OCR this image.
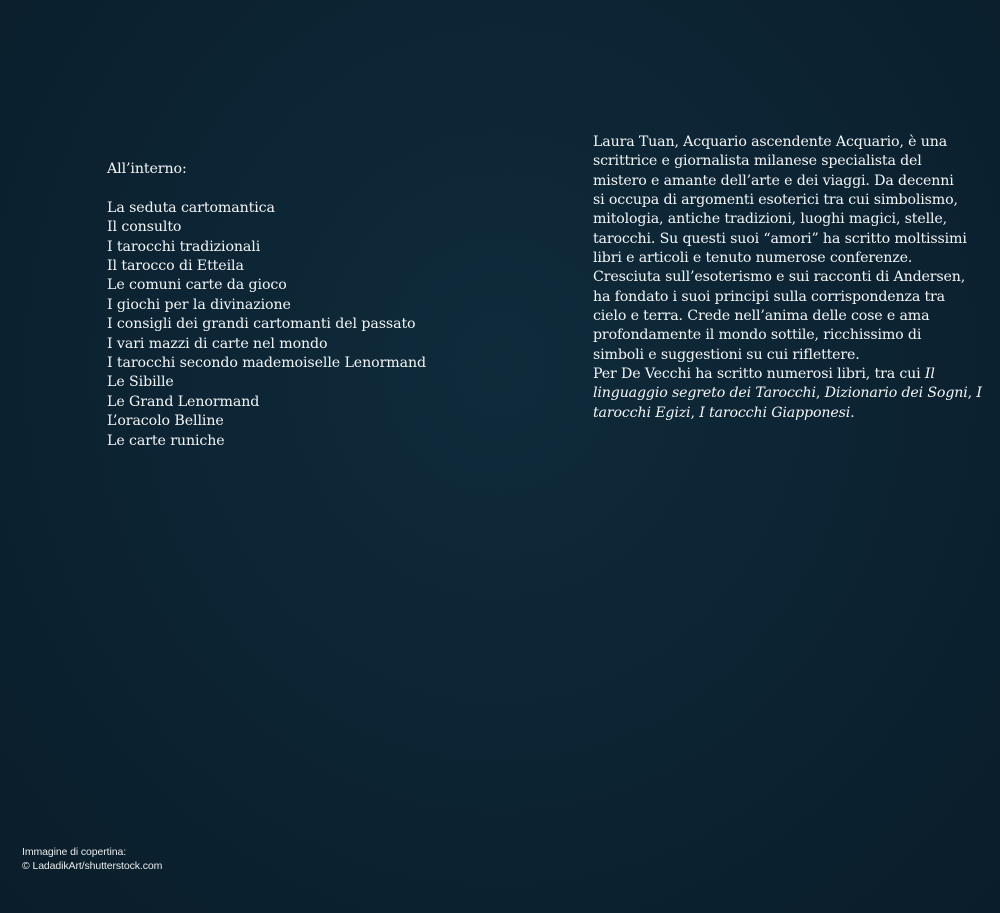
All’interno:

La seduta cartomantica
Il consulto
I tarocchi tradizionali
Il tarocco di Etteila
Le comuni carte da gioco
I giochi per la divinazione
I consigli dei grandi cartomanti del passato
I vari mazzi di carte nel mondo
I tarocchi secondo mademoiselle Lenormand
Le Sibille
Le Grand Lenormand
L’oracolo Belline
Le carte runiche
Laura Tuan, Acquario ascendente Acquario, è una
scrittrice e giornalista milanese specialista del
mistero e amante dell’arte e dei viaggi. Da decenni
si occupa di argomenti esoterici tra cui simbolismo,
mitologia, antiche tradizioni, luoghi magici, stelle,
tarocchi. Su questi suoi “amori” ha scritto moltissimi
libri e articoli e tenuto numerose conferenze.
Cresciuta sull’esoterismo e sui racconti di Andersen,
ha fondato i suoi principi sulla corrispondenza tra
cielo e terra. Crede nell’anima delle cose e ama
profondamente il mondo sottile, ricchissimo di
simboli e suggestioni su cui riflettere.
Per De Vecchi ha scritto numerosi libri, tra cui Il
linguaggio segreto dei Tarocchi, Dizionario dei Sogni, I
tarocchi Egizi, I tarocchi Giapponesi.
Immagine di copertina:
© LadadikArt/shutterstock.com
